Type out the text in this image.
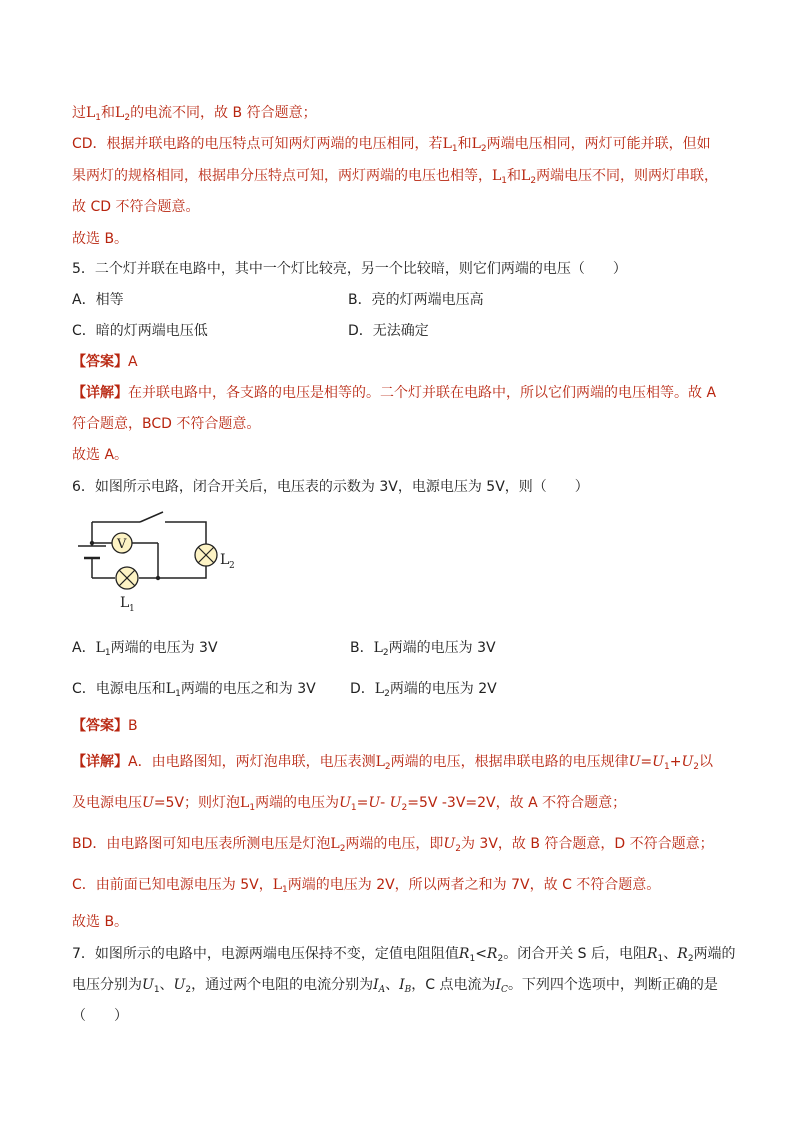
过$L_1$和$L_2$的电流不同，故 B 符合题意；
CD．根据并联电路的电压特点可知两灯两端的电压相同，若$L_1$和$L_2$两端电压相同，两灯可能并联，但如
果两灯的规格相同，根据串分压特点可知，两灯两端的电压也相等，$L_1$和$L_2$两端电压不同，则两灯串联，
故 CD 不符合题意。
故选 B。
5．二个灯并联在电路中，其中一个灯比较亮，另一个比较暗，则它们两端的电压（　　）
A．相等	B．亮的灯两端电压高
C．暗的灯两端电压低	D．无法确定
【答案】A
【详解】在并联电路中，各支路的电压是相等的。二个灯并联在电路中，所以它们两端的电压相等。故 A
符合题意，BCD 不符合题意。
故选 A。
6．如图所示电路，闭合开关后，电压表的示数为 3V，电源电压为 5V，则（　　）
V
L 2
L 1
A．$L_1$两端的电压为 3V	B．$L_2$两端的电压为 3V
C．电源电压和$L_1$两端的电压之和为 3V D．$L_2$两端的电压为 2V
【答案】B
【详解】A．由电路图知，两灯泡串联，电压表测$L_2$两端的电压，根据串联电路的电压规律$U=U_1+U_2$以
及电源电压U=5V；则灯泡$L_1$两端的电压为$U_1=U-$ $U_2=5V$ -3V=2V，故 A 不符合题意；
BD．由电路图可知电压表所测电压是灯泡$L_2$两端的电压，即$U_2$为 3V，故 B 符合题意，D 不符合题意；
C．由前面已知电源电压为 5V，$L_1$两端的电压为 2V，所以两者之和为 7V，故 C 不符合题意。
故选 B。
7．如图所示的电路中，电源两端电压保持不变，定值电阻阻值$R_1<R_2$。闭合开关 S 后，电阻$R_1$、$R_2$两端的
电压分别为$U_1$、$U_2$，通过两个电阻的电流分别为$I_A$、$I_B$，C 点电流为$I_C$。下列四个选项中，判断正确的是
（　　）
